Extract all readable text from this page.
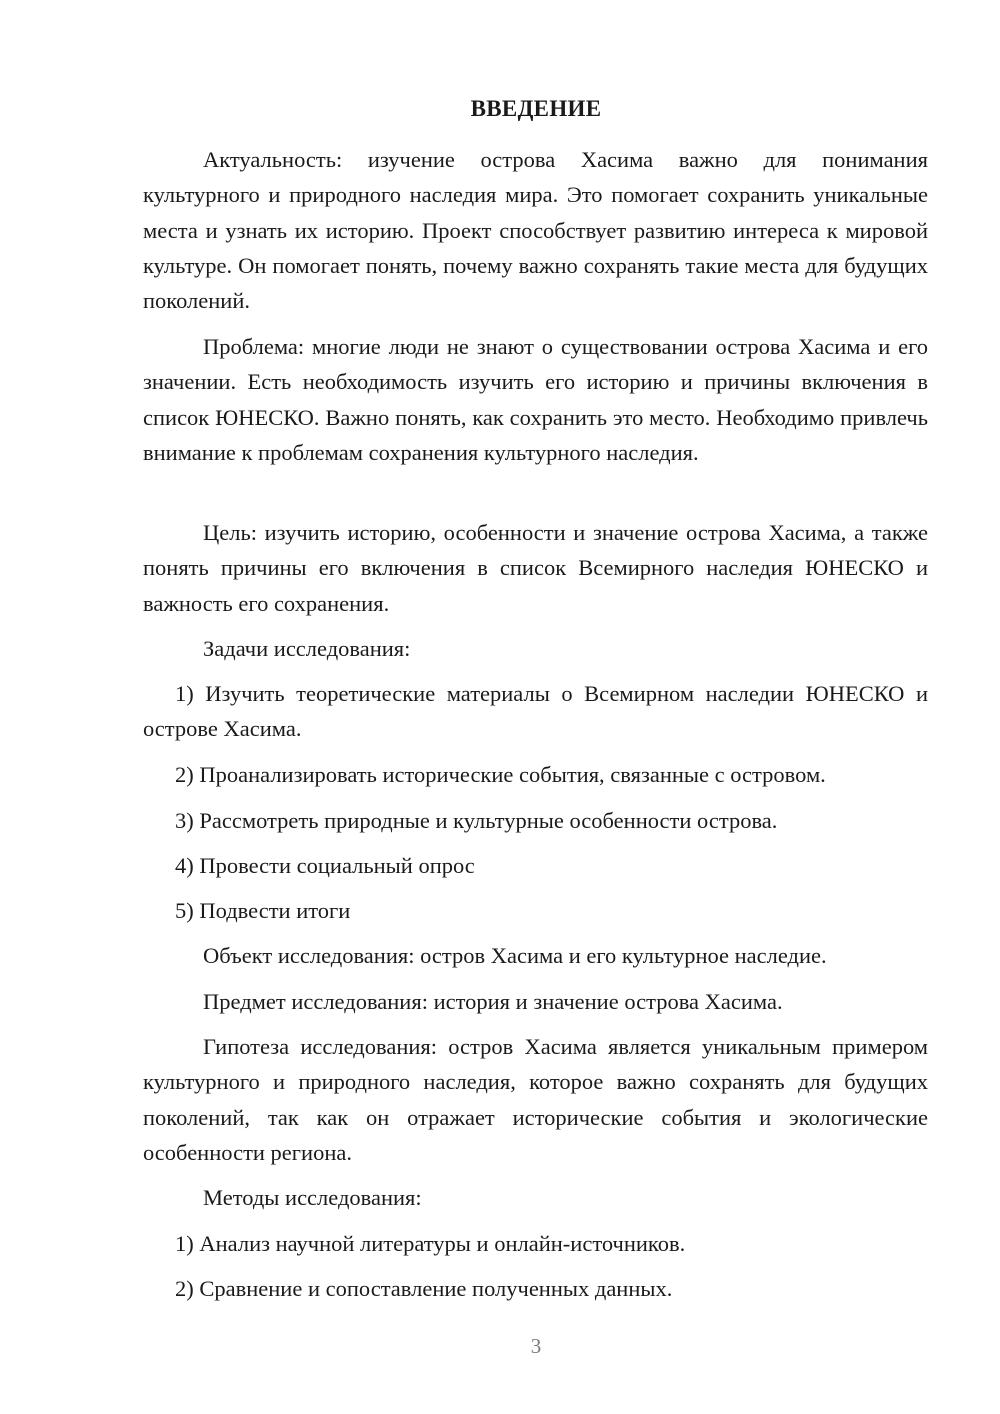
ВВЕДЕНИЕ

Актуальность: изучение острова Хасима важно для понимания культурного и природного наследия мира. Это помогает сохранить уникальные места и узнать их историю. Проект способствует развитию интереса к мировой культуре. Он помогает понять, почему важно сохранять такие места для будущих поколений.

Проблема: многие люди не знают о существовании острова Хасима и его значении. Есть необходимость изучить его историю и причины включения в список ЮНЕСКО. Важно понять, как сохранить это место. Необходимо привлечь внимание к проблемам сохранения культурного наследия.

Цель: изучить историю, особенности и значение острова Хасима, а также понять причины его включения в список Всемирного наследия ЮНЕСКО и важность его сохранения.

Задачи исследования:

1) Изучить теоретические материалы о Всемирном наследии ЮНЕСКО и острове Хасима.

2) Проанализировать исторические события, связанные с островом.

3) Рассмотреть природные и культурные особенности острова.

4) Провести социальный опрос

5) Подвести итоги

Объект исследования: остров Хасима и его культурное наследие.

Предмет исследования: история и значение острова Хасима.

Гипотеза исследования: остров Хасима является уникальным примером культурного и природного наследия, которое важно сохранять для будущих поколений, так как он отражает исторические события и экологические особенности региона.

Методы исследования:

1) Анализ научной литературы и онлайн-источников.

2) Сравнение и сопоставление полученных данных.

3
